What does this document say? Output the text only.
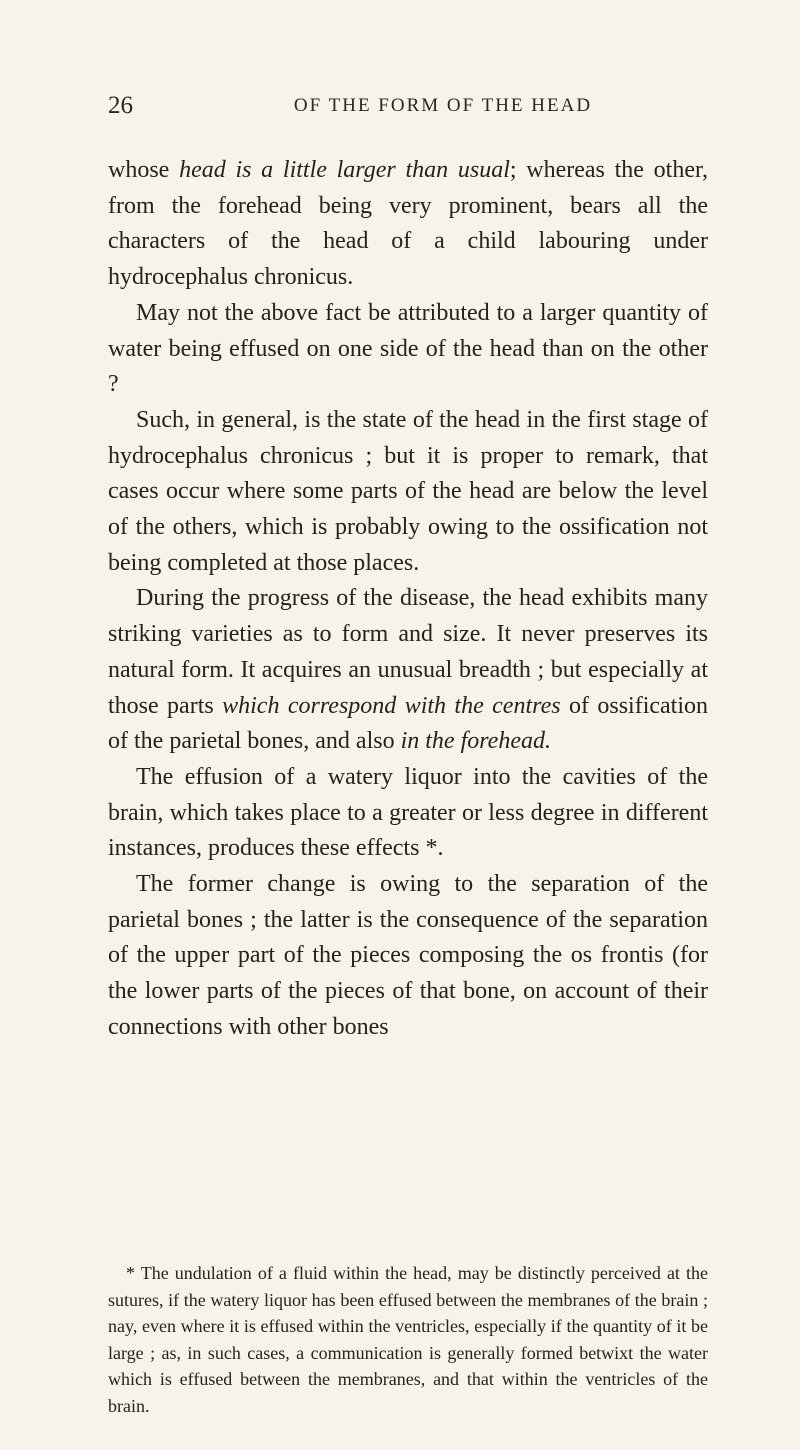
26	OF THE FORM OF THE HEAD

whose head is a little larger than usual; whereas the other, from the forehead being very prominent, bears all the characters of the head of a child labouring under hydrocephalus chronicus.

May not the above fact be attributed to a larger quantity of water being effused on one side of the head than on the other ?

Such, in general, is the state of the head in the first stage of hydrocephalus chronicus ; but it is proper to remark, that cases occur where some parts of the head are below the level of the others, which is probably owing to the ossification not being completed at those places.

During the progress of the disease, the head exhibits many striking varieties as to form and size. It never preserves its natural form. It acquires an unusual breadth ; but especially at those parts which correspond with the centres of ossification of the parietal bones, and also in the forehead.

The effusion of a watery liquor into the cavities of the brain, which takes place to a greater or less degree in different instances, produces these effects *.

The former change is owing to the separation of the parietal bones ; the latter is the consequence of the separation of the upper part of the pieces composing the os frontis (for the lower parts of the pieces of that bone, on account of their connections with other bones

* The undulation of a fluid within the head, may be distinctly perceived at the sutures, if the watery liquor has been effused between the membranes of the brain ; nay, even where it is effused within the ventricles, especially if the quantity of it be large ; as, in such cases, a communication is generally formed betwixt the water which is effused between the membranes, and that within the ventricles of the brain.
